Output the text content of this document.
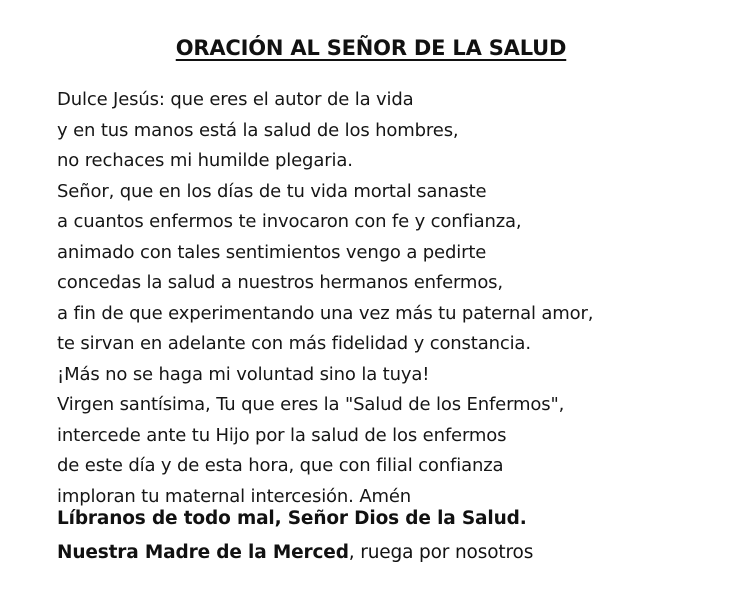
ORACIÓN AL SEÑOR DE LA SALUD
Dulce Jesús: que eres el autor de la vida
y en tus manos está la salud de los hombres,
no rechaces mi humilde plegaria.
Señor, que en los días de tu vida mortal sanaste
a cuantos enfermos te invocaron con fe y confianza,
animado con tales sentimientos vengo a pedirte
concedas la salud a nuestros hermanos enfermos,
a fin de que experimentando una vez más tu paternal amor,
te sirvan en adelante con más fidelidad y constancia.
¡Más no se haga mi voluntad sino la tuya!
Virgen santísima, Tu que eres la "Salud de los Enfermos",
intercede ante tu Hijo por la salud de los enfermos
de este día y de esta hora, que con filial confianza
imploran tu maternal intercesión. Amén
Líbranos de todo mal, Señor Dios de la Salud.
Nuestra Madre de la Merced, ruega por nosotros
